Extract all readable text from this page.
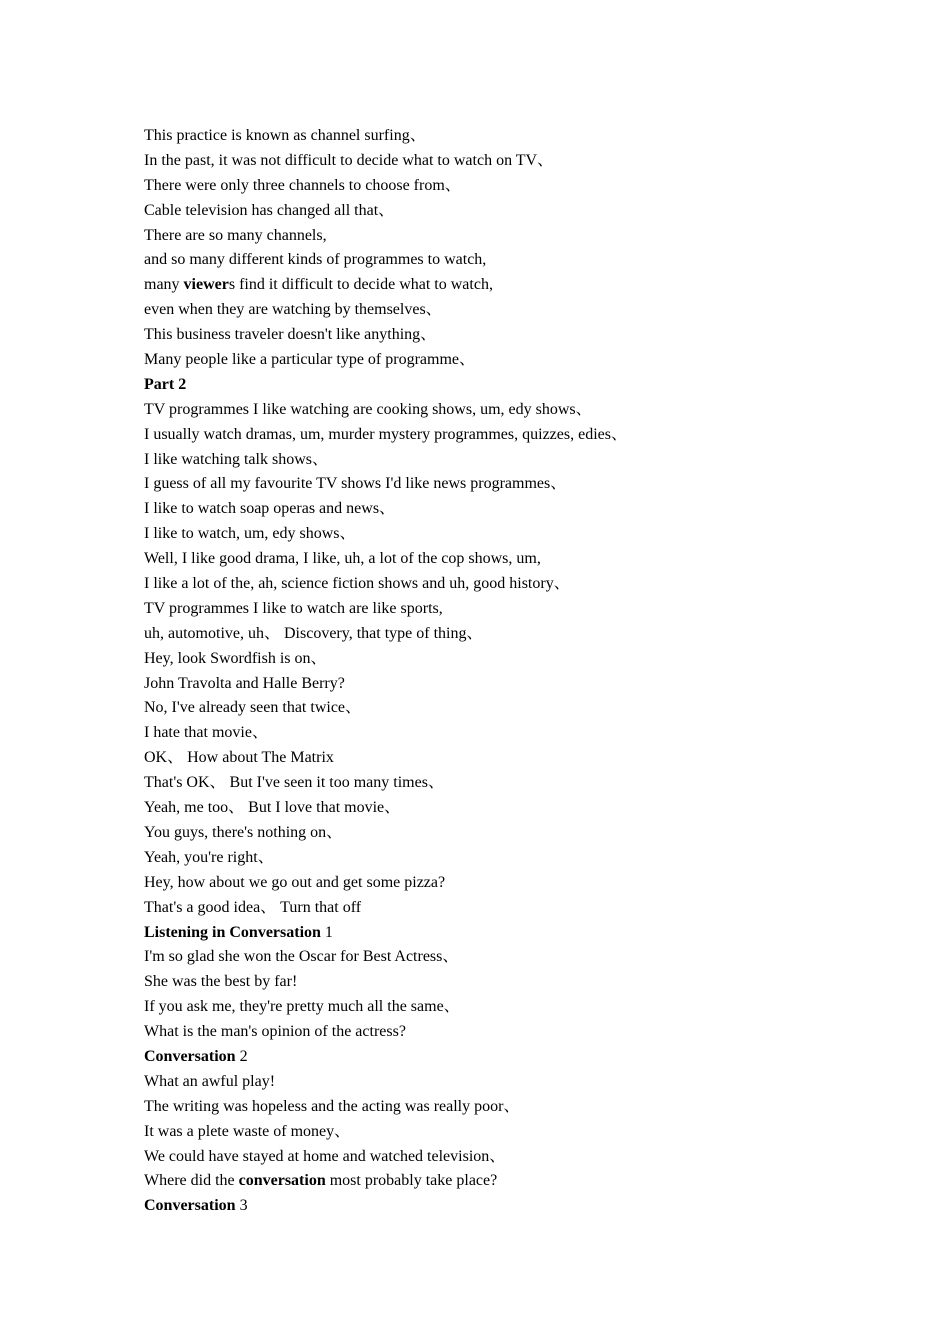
This practice is known as channel surfing、
In the past, it was not difficult to decide what to watch on TV、
There were only three channels to choose from、
Cable television has changed all that、
There are so many channels,
and so many different kinds of programmes to watch,
many viewers find it difficult to decide what to watch,
even when they are watching by themselves、
This business traveler doesn't like anything、
Many people like a particular type of programme、
Part 2
TV programmes I like watching are cooking shows, um, edy shows、
I usually watch dramas, um, murder mystery programmes, quizzes, edies、
I like watching talk shows、
I guess of all my favourite TV shows I'd like news programmes、
I like to watch soap operas and news、
I like to watch, um, edy shows、
Well, I like good drama, I like, uh, a lot of the cop shows, um,
I like a lot of the, ah, science fiction shows and uh, good history、
TV programmes I like to watch are like sports,
uh, automotive, uh、 Discovery, that type of thing、
Hey, look Swordfish is on、
John Travolta and Halle Berry?
No, I've already seen that twice、
I hate that movie、
OK、 How about The Matrix
That's OK、 But I've seen it too many times、
Yeah, me too、 But I love that movie、
You guys, there's nothing on、
Yeah, you're right、
Hey, how about we go out and get some pizza?
That's a good idea、 Turn that off
Listening in Conversation 1
I'm so glad she won the Oscar for Best Actress、
She was the best by far!
If you ask me, they're pretty much all the same、
What is the man's opinion of the actress?
Conversation 2
What an awful play!
The writing was hopeless and the acting was really poor、
It was a plete waste of money、
We could have stayed at home and watched television、
Where did the conversation most probably take place?
Conversation 3
